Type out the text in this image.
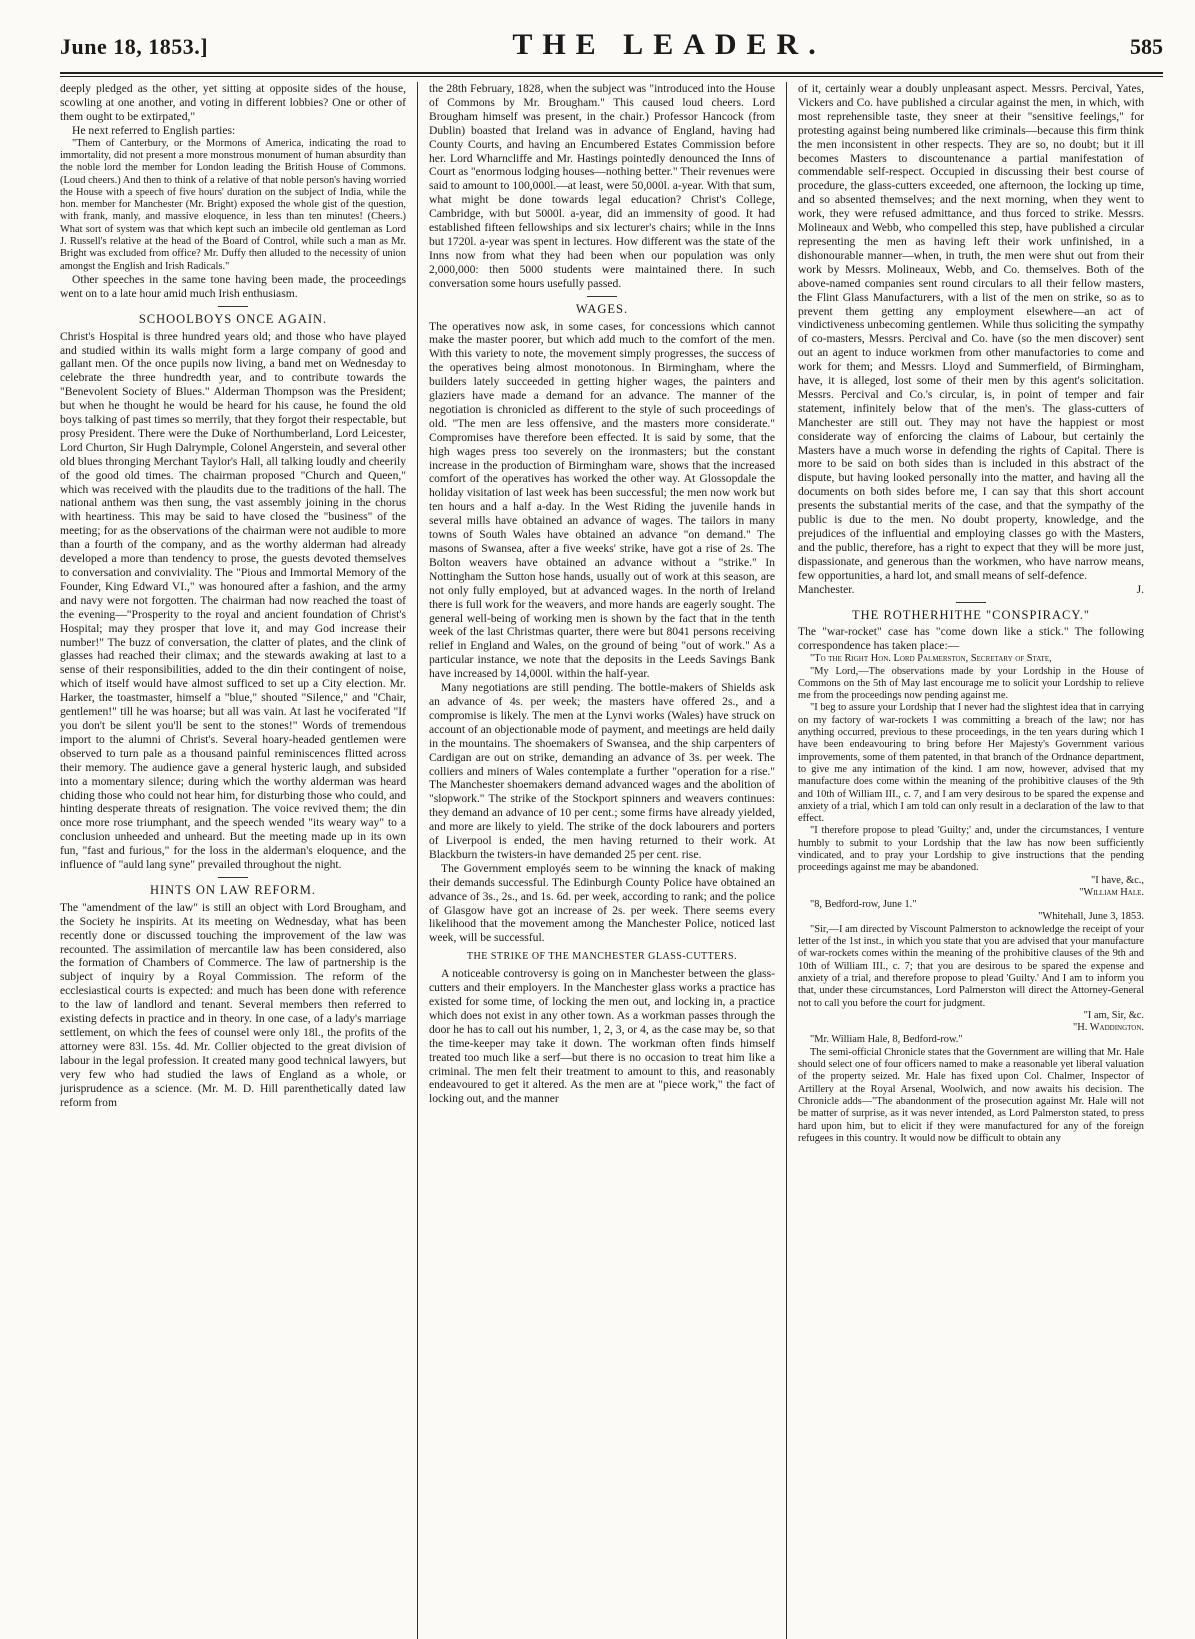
June 18, 1853.]	THE LEADER.	585

deeply pledged as the other, yet sitting at opposite sides of the house, scowling at one another, and voting in different lobbies? One or other of them ought to be extirpated,"

He next referred to English parties:

"Them of Canterbury, or the Mormons of America, indicating the road to immortality, did not present a more monstrous monument of human absurdity than the noble lord the member for London leading the British House of Commons. (Loud cheers.) And then to think of a relative of that noble person's having worried the House with a speech of five hours' duration on the subject of India, while the hon. member for Manchester (Mr. Bright) exposed the whole gist of the question, with frank, manly, and massive eloquence, in less than ten minutes! (Cheers.) What sort of system was that which kept such an imbecile old gentleman as Lord J. Russell's relative at the head of the Board of Control, while such a man as Mr. Bright was excluded from office? Mr. Duffy then alluded to the necessity of union amongst the English and Irish Radicals."

Other speeches in the same tone having been made, the proceedings went on to a late hour amid much Irish enthusiasm.

SCHOOLBOYS ONCE AGAIN.

Christ's Hospital is three hundred years old; and those who have played and studied within its walls might form a large company of good and gallant men. Of the once pupils now living, a band met on Wednesday to celebrate the three hundredth year, and to contribute towards the "Benevolent Society of Blues." Alderman Thompson was the President; but when he thought he would be heard for his cause, he found the old boys talking of past times so merrily, that they forgot their respectable, but prosy President. There were the Duke of Northumberland, Lord Leicester, Lord Churton, Sir Hugh Dalrymple, Colonel Angerstein, and several other old blues thronging Merchant Taylor's Hall, all talking loudly and cheerily of the good old times. The chairman proposed "Church and Queen," which was received with the plaudits due to the traditions of the hall. The national anthem was then sung, the vast assembly joining in the chorus with heartiness. This may be said to have closed the "business" of the meeting; for as the observations of the chairman were not audible to more than a fourth of the company, and as the worthy alderman had already developed a more than tendency to prose, the guests devoted themselves to conversation and conviviality. The "Pious and Immortal Memory of the Founder, King Edward VI.," was honoured after a fashion, and the army and navy were not forgotten. The chairman had now reached the toast of the evening—"Prosperity to the royal and ancient foundation of Christ's Hospital; may they prosper that love it, and may God increase their number!" The buzz of conversation, the clatter of plates, and the clink of glasses had reached their climax; and the stewards awaking at last to a sense of their responsibilities, added to the din their contingent of noise, which of itself would have almost sufficed to set up a City election. Mr. Harker, the toastmaster, himself a "blue," shouted "Silence," and "Chair, gentlemen!" till he was hoarse; but all was vain. At last he vociferated "If you don't be silent you'll be sent to the stones!" Words of tremendous import to the alumni of Christ's. Several hoary-headed gentlemen were observed to turn pale as a thousand painful reminiscences flitted across their memory. The audience gave a general hysteric laugh, and subsided into a momentary silence; during which the worthy alderman was heard chiding those who could not hear him, for disturbing those who could, and hinting desperate threats of resignation. The voice revived them; the din once more rose triumphant, and the speech wended "its weary way" to a conclusion unheeded and unheard. But the meeting made up in its own fun, "fast and furious," for the loss in the alderman's eloquence, and the influence of "auld lang syne" prevailed throughout the night.

HINTS ON LAW REFORM.

The "amendment of the law" is still an object with Lord Brougham, and the Society he inspirits. At its meeting on Wednesday, what has been recently done or discussed touching the improvement of the law was recounted. The assimilation of mercantile law has been considered, also the formation of Chambers of Commerce. The law of partnership is the subject of inquiry by a Royal Commission. The reform of the ecclesiastical courts is expected: and much has been done with reference to the law of landlord and tenant. Several members then referred to existing defects in practice and in theory. In one case, of a lady's marriage settlement, on which the fees of counsel were only 18l., the profits of the attorney were 83l. 15s. 4d. Mr. Collier objected to the great division of labour in the legal profession. It created many good technical lawyers, but very few who had studied the laws of England as a whole, or jurisprudence as a science. (Mr. M. D. Hill parenthetically dated law reform from

the 28th February, 1828, when the subject was "introduced into the House of Commons by Mr. Brougham." This caused loud cheers. Lord Brougham himself was present, in the chair.) Professor Hancock (from Dublin) boasted that Ireland was in advance of England, having had County Courts, and having an Encumbered Estates Commission before her. Lord Wharncliffe and Mr. Hastings pointedly denounced the Inns of Court as "enormous lodging houses—nothing better." Their revenues were said to amount to 100,000l.—at least, were 50,000l. a-year. With that sum, what might be done towards legal education? Christ's College, Cambridge, with but 5000l. a-year, did an immensity of good. It had established fifteen fellowships and six lecturer's chairs; while in the Inns but 1720l. a-year was spent in lectures. How different was the state of the Inns now from what they had been when our population was only 2,000,000: then 5000 students were maintained there. In such conversation some hours usefully passed.

WAGES.

The operatives now ask, in some cases, for concessions which cannot make the master poorer, but which add much to the comfort of the men. With this variety to note, the movement simply progresses, the success of the operatives being almost monotonous. In Birmingham, where the builders lately succeeded in getting higher wages, the painters and glaziers have made a demand for an advance. The manner of the negotiation is chronicled as different to the style of such proceedings of old. "The men are less offensive, and the masters more considerate." Compromises have therefore been effected. It is said by some, that the high wages press too severely on the ironmasters; but the constant increase in the production of Birmingham ware, shows that the increased comfort of the operatives has worked the other way. At Glossopdale the holiday visitation of last week has been successful; the men now work but ten hours and a half a-day. In the West Riding the juvenile hands in several mills have obtained an advance of wages. The tailors in many towns of South Wales have obtained an advance "on demand." The masons of Swansea, after a five weeks' strike, have got a rise of 2s. The Bolton weavers have obtained an advance without a "strike." In Nottingham the Sutton hose hands, usually out of work at this season, are not only fully employed, but at advanced wages. In the north of Ireland there is full work for the weavers, and more hands are eagerly sought. The general well-being of working men is shown by the fact that in the tenth week of the last Christmas quarter, there were but 8041 persons receiving relief in England and Wales, on the ground of being "out of work." As a particular instance, we note that the deposits in the Leeds Savings Bank have increased by 14,000l. within the half-year.

Many negotiations are still pending. The bottle-makers of Shields ask an advance of 4s. per week; the masters have offered 2s., and a compromise is likely. The men at the Lynvi works (Wales) have struck on account of an objectionable mode of payment, and meetings are held daily in the mountains. The shoemakers of Swansea, and the ship carpenters of Cardigan are out on strike, demanding an advance of 3s. per week. The colliers and miners of Wales contemplate a further "operation for a rise." The Manchester shoemakers demand advanced wages and the abolition of "slopwork." The strike of the Stockport spinners and weavers continues: they demand an advance of 10 per cent.; some firms have already yielded, and more are likely to yield. The strike of the dock labourers and porters of Liverpool is ended, the men having returned to their work. At Blackburn the twisters-in have demanded 25 per cent. rise.

The Government employés seem to be winning the knack of making their demands successful. The Edinburgh County Police have obtained an advance of 3s., 2s., and 1s. 6d. per week, according to rank; and the police of Glasgow have got an increase of 2s. per week. There seems every likelihood that the movement among the Manchester Police, noticed last week, will be successful.

THE STRIKE OF THE MANCHESTER GLASS-CUTTERS.

A noticeable controversy is going on in Manchester between the glass-cutters and their employers. In the Manchester glass works a practice has existed for some time, of locking the men out, and locking in, a practice which does not exist in any other town. As a workman passes through the door he has to call out his number, 1, 2, 3, or 4, as the case may be, so that the time-keeper may take it down. The workman often finds himself treated too much like a serf—but there is no occasion to treat him like a criminal. The men felt their treatment to amount to this, and reasonably endeavoured to get it altered. As the men are at "piece work," the fact of locking out, and the manner

of it, certainly wear a doubly unpleasant aspect. Messrs. Percival, Yates, Vickers and Co. have published a circular against the men, in which, with most reprehensible taste, they sneer at their "sensitive feelings," for protesting against being numbered like criminals—because this firm think the men inconsistent in other respects. They are so, no doubt; but it ill becomes Masters to discountenance a partial manifestation of commendable self-respect. Occupied in discussing their best course of procedure, the glass-cutters exceeded, one afternoon, the locking up time, and so absented themselves; and the next morning, when they went to work, they were refused admittance, and thus forced to strike. Messrs. Molineaux and Webb, who compelled this step, have published a circular representing the men as having left their work unfinished, in a dishonourable manner—when, in truth, the men were shut out from their work by Messrs. Molineaux, Webb, and Co. themselves. Both of the above-named companies sent round circulars to all their fellow masters, the Flint Glass Manufacturers, with a list of the men on strike, so as to prevent them getting any employment elsewhere—an act of vindictiveness unbecoming gentlemen. While thus soliciting the sympathy of co-masters, Messrs. Percival and Co. have (so the men discover) sent out an agent to induce workmen from other manufactories to come and work for them; and Messrs. Lloyd and Summerfield, of Birmingham, have, it is alleged, lost some of their men by this agent's solicitation. Messrs. Percival and Co.'s circular, is, in point of temper and fair statement, infinitely below that of the men's. The glass-cutters of Manchester are still out. They may not have the happiest or most considerate way of enforcing the claims of Labour, but certainly the Masters have a much worse in defending the rights of Capital. There is more to be said on both sides than is included in this abstract of the dispute, but having looked personally into the matter, and having all the documents on both sides before me, I can say that this short account presents the substantial merits of the case, and that the sympathy of the public is due to the men. No doubt property, knowledge, and the prejudices of the influential and employing classes go with the Masters, and the public, therefore, has a right to expect that they will be more just, dispassionate, and generous than the workmen, who have narrow means, few opportunities, a hard lot, and small means of self-defence.

Manchester.	J.
THE ROTHERHITHE "CONSPIRACY."

The "war-rocket" case has "come down like a stick." The following correspondence has taken place:—

"To the Right Hon. Lord Palmerston, Secretary of State,

"My Lord,—The observations made by your Lordship in the House of Commons on the 5th of May last encourage me to solicit your Lordship to relieve me from the proceedings now pending against me.

"I beg to assure your Lordship that I never had the slightest idea that in carrying on my factory of war-rockets I was committing a breach of the law; nor has anything occurred, previous to these proceedings, in the ten years during which I have been endeavouring to bring before Her Majesty's Government various improvements, some of them patented, in that branch of the Ordnance department, to give me any intimation of the kind. I am now, however, advised that my manufacture does come within the meaning of the prohibitive clauses of the 9th and 10th of William III., c. 7, and I am very desirous to be spared the expense and anxiety of a trial, which I am told can only result in a declaration of the law to that effect.

"I therefore propose to plead 'Guilty;' and, under the circumstances, I venture humbly to submit to your Lordship that the law has now been sufficiently vindicated, and to pray your Lordship to give instructions that the pending proceedings against me may be abandoned.

"I have, &c.,

"William Hale.

"8, Bedford-row, June 1."

"Whitehall, June 3, 1853.

"Sir,—I am directed by Viscount Palmerston to acknowledge the receipt of your letter of the 1st inst., in which you state that you are advised that your manufacture of war-rockets comes within the meaning of the prohibitive clauses of the 9th and 10th of William III., c. 7; that you are desirous to be spared the expense and anxiety of a trial, and therefore propose to plead 'Guilty.' And I am to inform you that, under these circumstances, Lord Palmerston will direct the Attorney-General not to call you before the court for judgment.

"I am, Sir, &c.

"H. Waddington.

"Mr. William Hale, 8, Bedford-row."

The semi-official Chronicle states that the Government are willing that Mr. Hale should select one of four officers named to make a reasonable yet liberal valuation of the property seized. Mr. Hale has fixed upon Col. Chalmer, Inspector of Artillery at the Royal Arsenal, Woolwich, and now awaits his decision. The Chronicle adds—"The abandonment of the prosecution against Mr. Hale will not be matter of surprise, as it was never intended, as Lord Palmerston stated, to press hard upon him, but to elicit if they were manufactured for any of the foreign refugees in this country. It would now be difficult to obtain any
